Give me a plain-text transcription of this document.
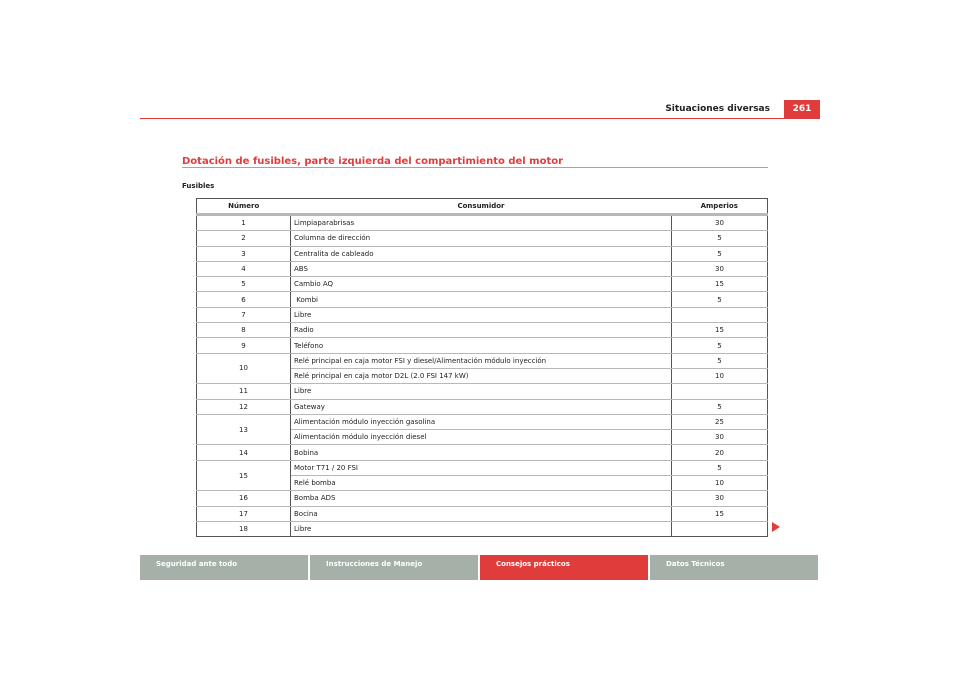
Situaciones diversas	261
Dotación de fusibles, parte izquierda del compartimiento del motor
Fusibles
Número	Consumidor	Amperios
1	Limpiaparabrisas	30
2	Columna de dirección	5
3	Centralita de cableado	5
4	ABS	30
5	Cambio AQ	15
6	Kombi	5
7	Libre	
8	Radio	15
9	Teléfono	5
10	Relé principal en caja motor FSI y diesel/Alimentación módulo inyección	5
	Relé principal en caja motor D2L (2.0 FSI 147 kW)	10
11	Libre	
12	Gateway	5
13	Alimentación módulo inyección gasolina	25
	Alimentación módulo inyección diesel	30
14	Bobina	20
15	Motor T71 / 20 FSI	5
	Relé bomba	10
16	Bomba ADS	30
17	Bocina	15
18	Libre	
Seguridad ante todo	Instrucciones de Manejo	Consejos prácticos	Datos Técnicos
